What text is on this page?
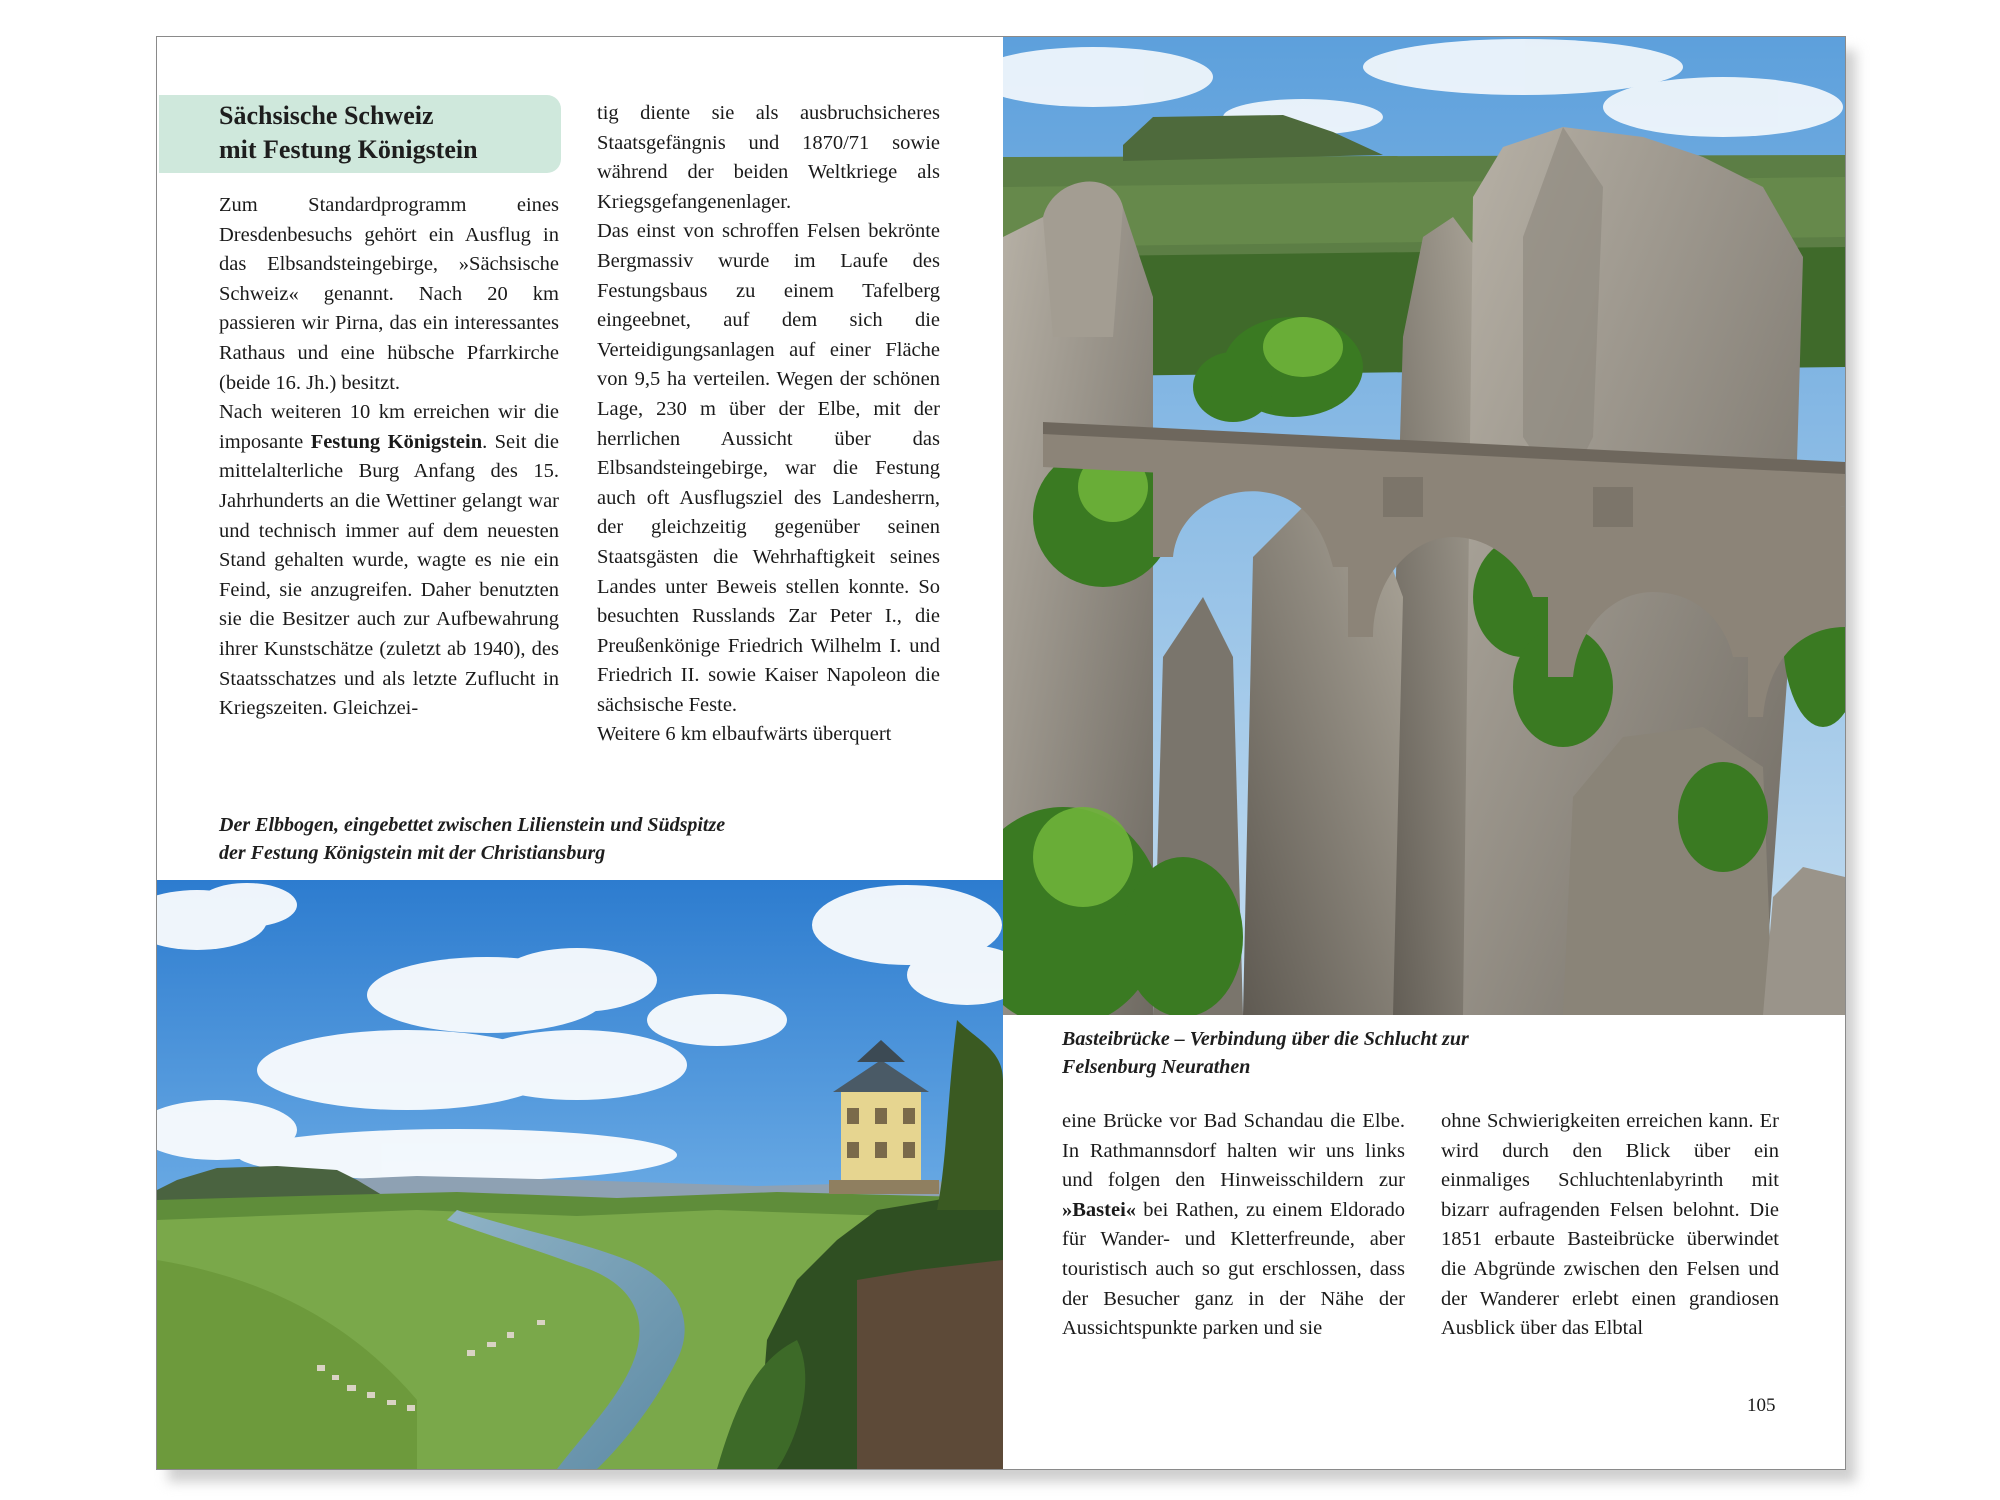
Sächsische Schweiz
mit Festung Königstein

Zum Standardprogramm eines Dresdenbesuchs gehört ein Ausflug in das Elbsandsteingebirge, »Sächsische Schweiz« genannt. Nach 20 km passieren wir Pirna, das ein interessantes Rathaus und eine hübsche Pfarrkirche (beide 16. Jh.) besitzt.

Nach weiteren 10 km erreichen wir die imposante Festung Königstein. Seit die mittelalterliche Burg Anfang des 15. Jahrhunderts an die Wettiner gelangt war und technisch immer auf dem neuesten Stand gehalten wurde, wagte es nie ein Feind, sie anzugreifen. Daher benutzten sie die Besitzer auch zur Aufbewahrung ihrer Kunstschätze (zuletzt ab 1940), des Staatsschatzes und als letzte Zuflucht in Kriegszeiten. Gleichzei-

tig diente sie als ausbruchsicheres Staatsgefängnis und 1870/71 sowie während der beiden Weltkriege als Kriegsgefangenenlager.

Das einst von schroffen Felsen bekrönte Bergmassiv wurde im Laufe des Festungsbaus zu einem Tafelberg eingeebnet, auf dem sich die Verteidigungsanlagen auf einer Fläche von 9,5 ha verteilen. Wegen der schönen Lage, 230 m über der Elbe, mit der herrlichen Aussicht über das Elbsandsteingebirge, war die Festung auch oft Ausflugsziel des Landesherrn, der gleichzeitig gegenüber seinen Staatsgästen die Wehrhaftigkeit seines Landes unter Beweis stellen konnte. So besuchten Russlands Zar Peter I., die Preußenkönige Friedrich Wilhelm I. und Friedrich II. sowie Kaiser Napoleon die sächsische Feste.

Weitere 6 km elbaufwärts überquert

Der Elbbogen, eingebettet zwischen Lilienstein und Südspitze
der Festung Königstein mit der Christiansburg
Basteibrücke – Verbindung über die Schlucht zur
Felsenburg Neurathen

eine Brücke vor Bad Schandau die Elbe. In Rathmannsdorf halten wir uns links und folgen den Hinweisschildern zur »Bastei« bei Rathen, zu einem Eldorado für Wander- und Kletterfreunde, aber touristisch auch so gut erschlossen, dass der Besucher ganz in der Nähe der Aussichtspunkte parken und sie

ohne Schwierigkeiten erreichen kann. Er wird durch den Blick über ein einmaliges Schluchtenlabyrinth mit bizarr aufragenden Felsen belohnt. Die 1851 erbaute Basteibrücke überwindet die Abgründe zwischen den Felsen und der Wanderer erlebt einen grandiosen Ausblick über das Elbtal

105
